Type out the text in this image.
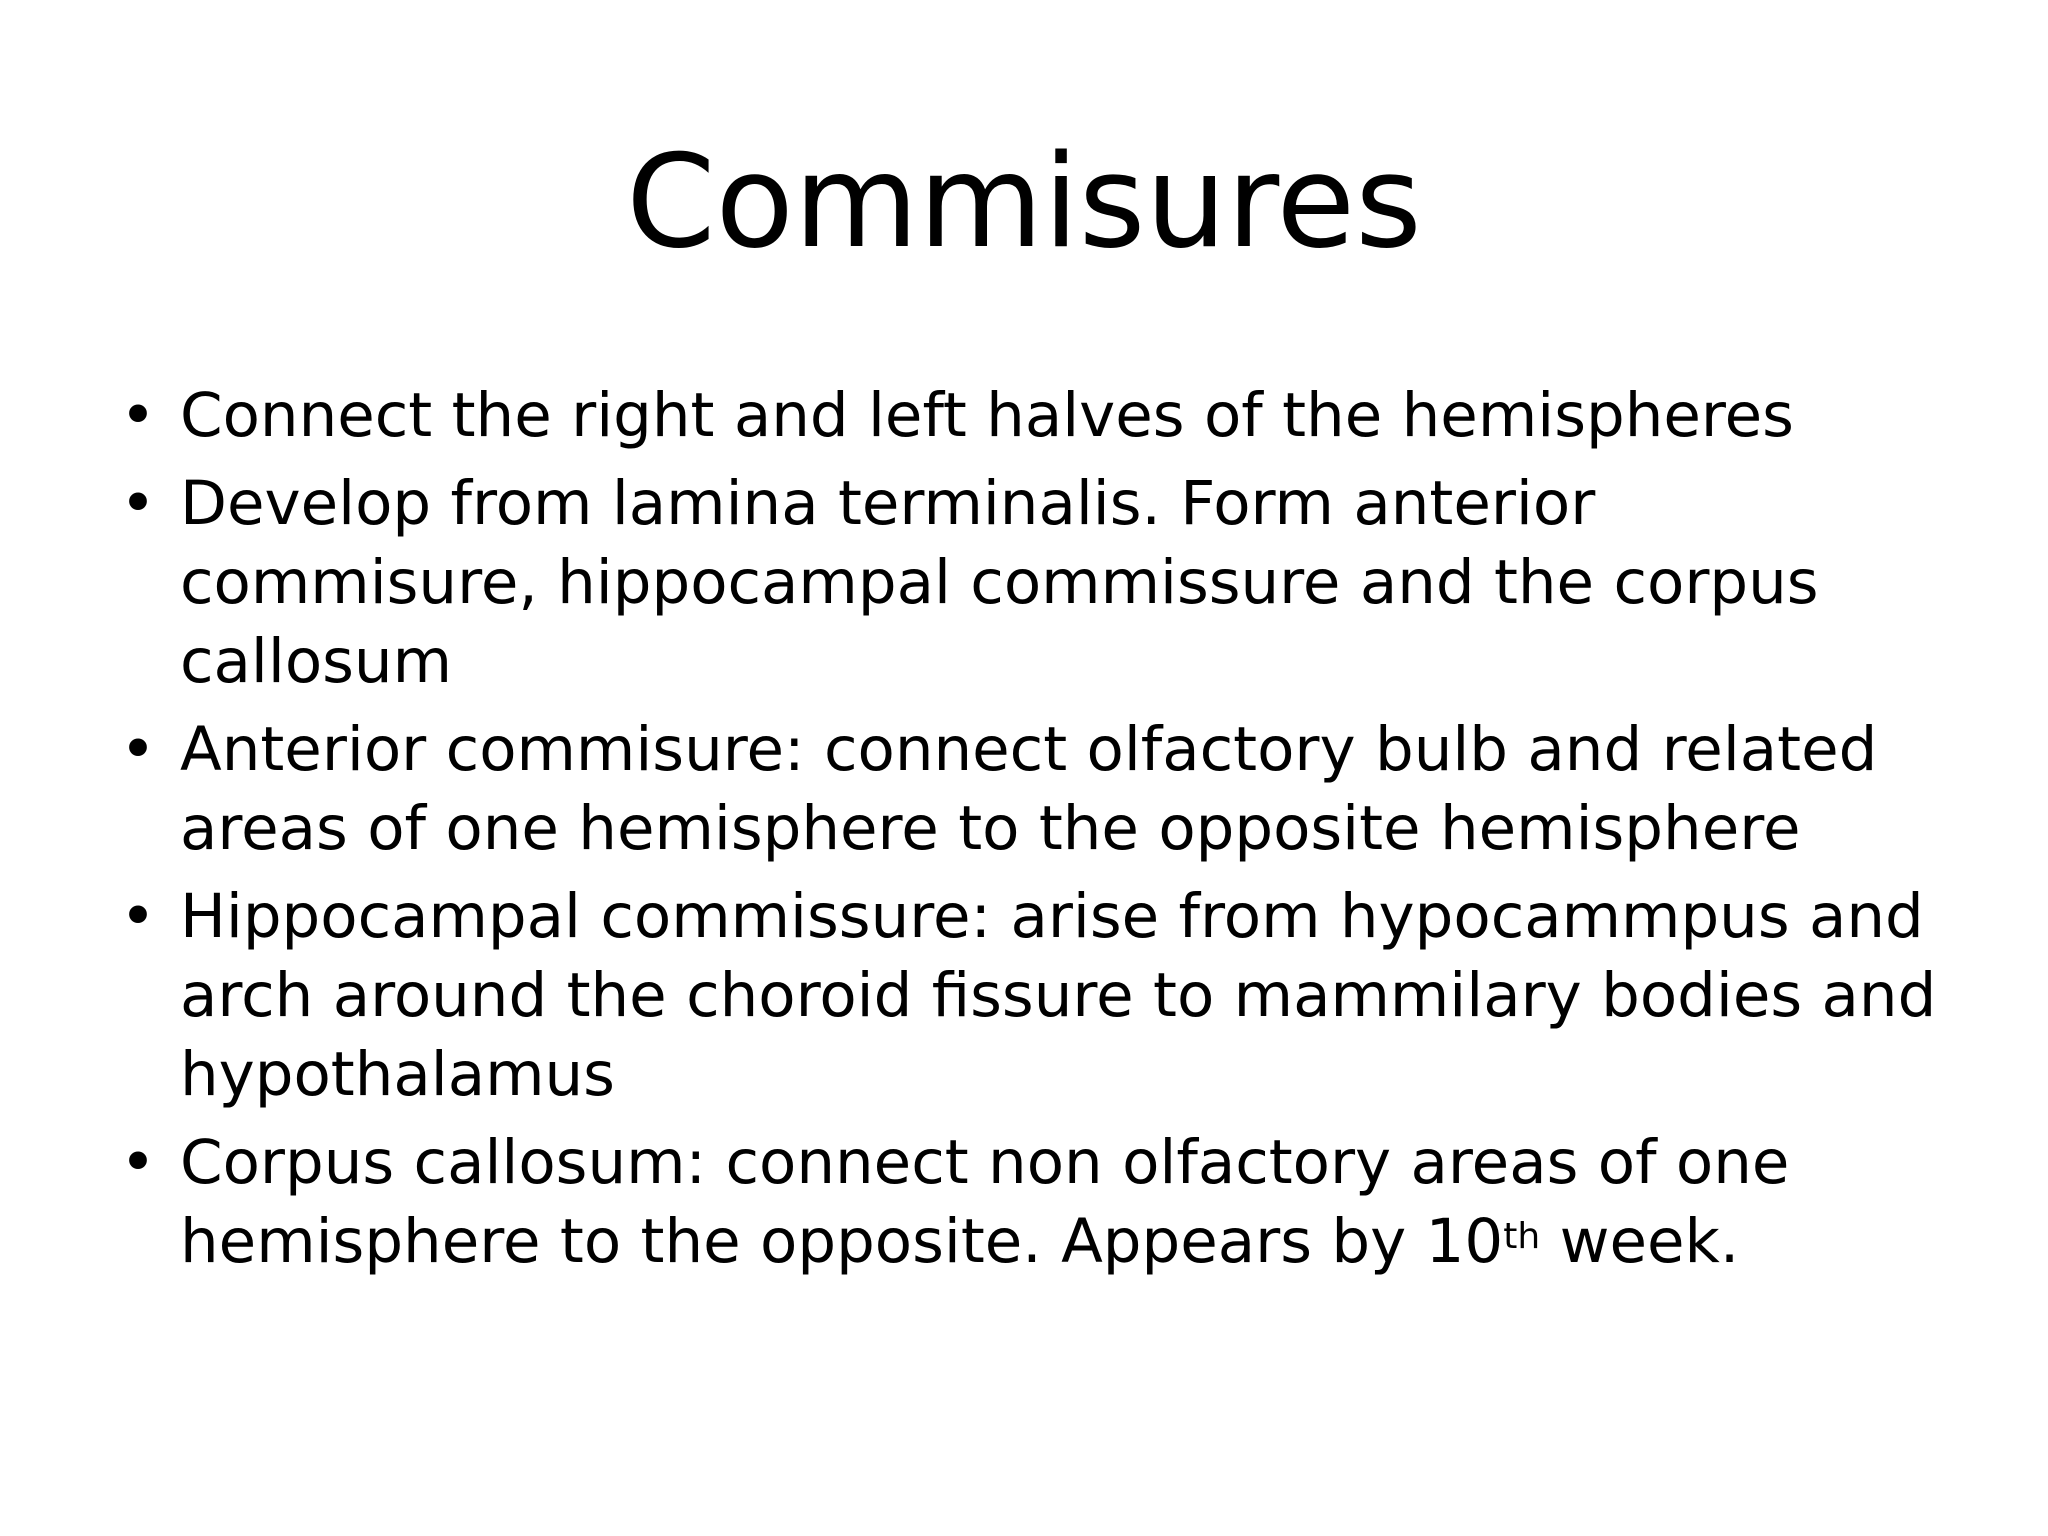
Commisures
• Connect the right and left halves of the hemispheres
• Develop from lamina terminalis. Form anterior commisure, hippocampal commissure and the corpus callosum
• Anterior commisure: connect olfactory bulb and related areas of one hemisphere to the opposite hemisphere
• Hippocampal commissure: arise from hypocammpus and arch around the choroid fissure to mammilary bodies and hypothalamus
• Corpus callosum: connect non olfactory areas of one hemisphere to the opposite. Appears by 10th week.
